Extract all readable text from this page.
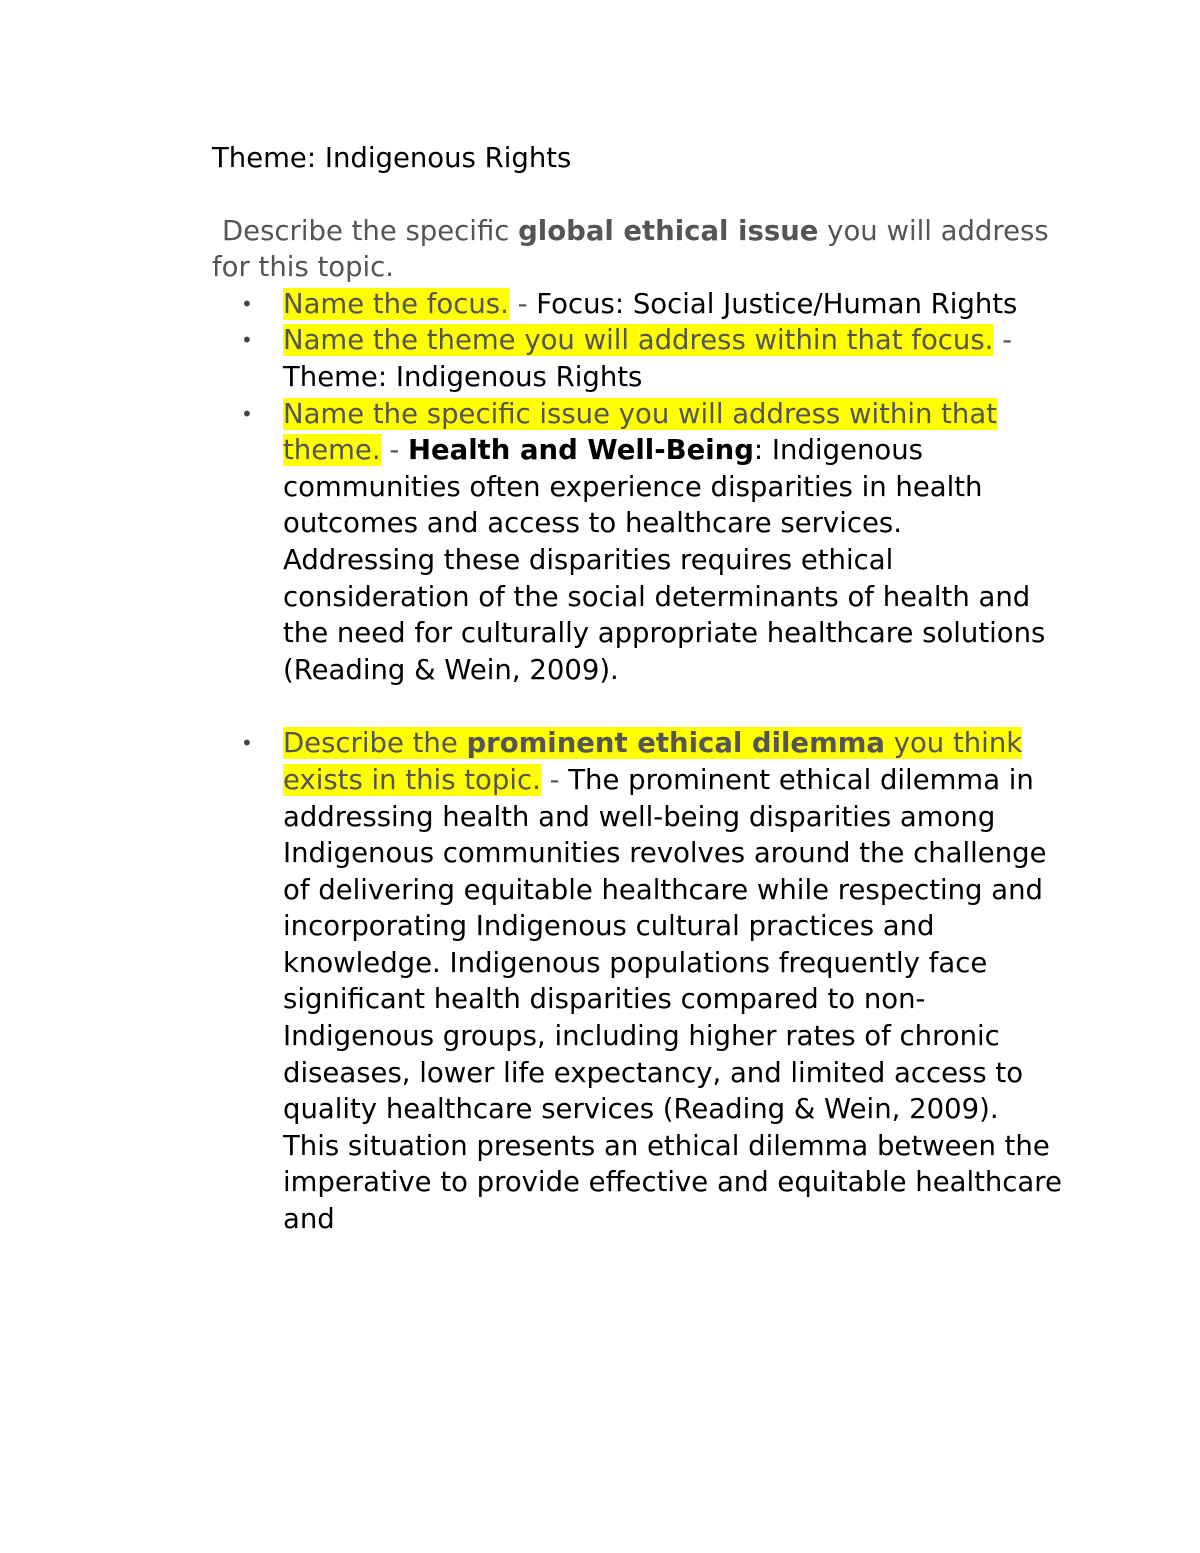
Theme: Indigenous Rights

Describe the specific global ethical issue you will address for this topic.

• Name the focus. - Focus: Social Justice/Human Rights
• Name the theme you will address within that focus. - Theme: Indigenous Rights
• Name the specific issue you will address within that theme. - Health and Well-Being: Indigenous communities often experience disparities in health outcomes and access to healthcare services. Addressing these disparities requires ethical consideration of the social determinants of health and the need for culturally appropriate healthcare solutions (Reading & Wein, 2009).
• Describe the prominent ethical dilemma you think exists in this topic. - The prominent ethical dilemma in addressing health and well-being disparities among Indigenous communities revolves around the challenge of delivering equitable healthcare while respecting and incorporating Indigenous cultural practices and knowledge. Indigenous populations frequently face significant health disparities compared to non-Indigenous groups, including higher rates of chronic diseases, lower life expectancy, and limited access to quality healthcare services (Reading & Wein, 2009). This situation presents an ethical dilemma between the imperative to provide effective and equitable healthcare and
